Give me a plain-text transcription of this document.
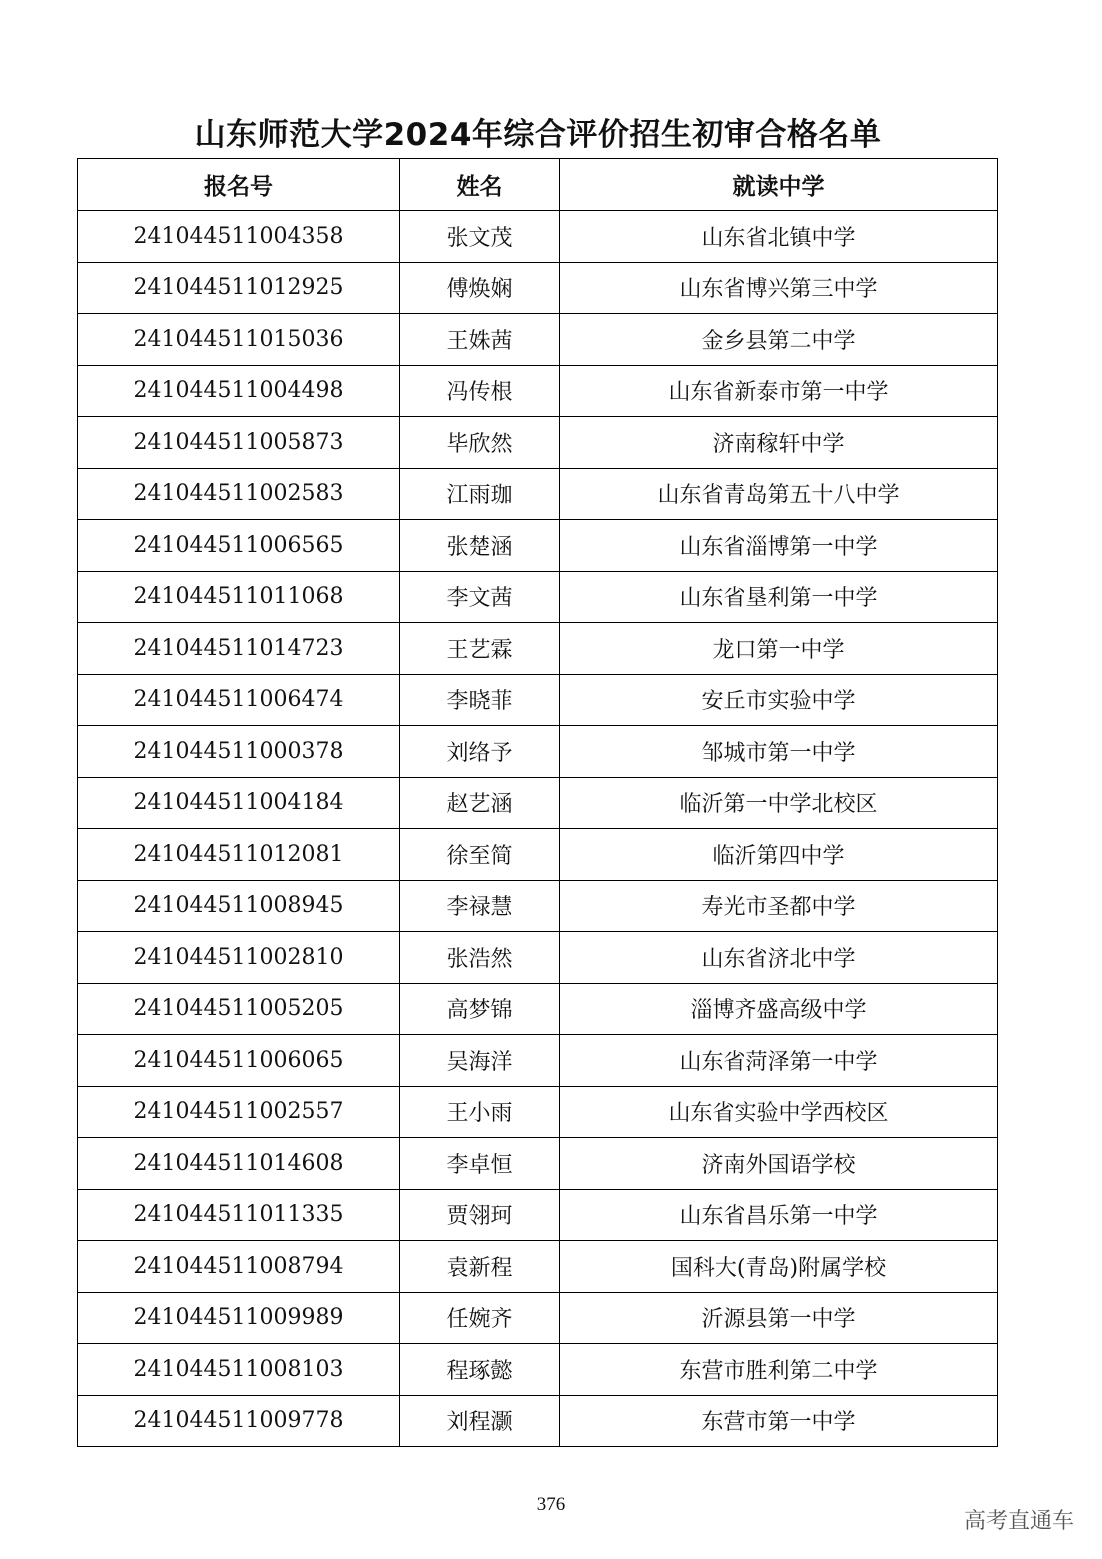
山东师范大学2024年综合评价招生初审合格名单
报名号	姓名	就读中学
241044511004358	张文茂	山东省北镇中学
241044511012925	傅焕娴	山东省博兴第三中学
241044511015036	王姝茜	金乡县第二中学
241044511004498	冯传根	山东省新泰市第一中学
241044511005873	毕欣然	济南稼轩中学
241044511002583	江雨珈	山东省青岛第五十八中学
241044511006565	张楚涵	山东省淄博第一中学
241044511011068	李文茜	山东省垦利第一中学
241044511014723	王艺霖	龙口第一中学
241044511006474	李晓菲	安丘市实验中学
241044511000378	刘络予	邹城市第一中学
241044511004184	赵艺涵	临沂第一中学北校区
241044511012081	徐至简	临沂第四中学
241044511008945	李禄慧	寿光市圣都中学
241044511002810	张浩然	山东省济北中学
241044511005205	高梦锦	淄博齐盛高级中学
241044511006065	吴海洋	山东省菏泽第一中学
241044511002557	王小雨	山东省实验中学西校区
241044511014608	李卓恒	济南外国语学校
241044511011335	贾翎珂	山东省昌乐第一中学
241044511008794	袁新程	国科大(青岛)附属学校
241044511009989	任婉齐	沂源县第一中学
241044511008103	程琢懿	东营市胜利第二中学
241044511009778	刘程灏	东营市第一中学
376
高考直通车
